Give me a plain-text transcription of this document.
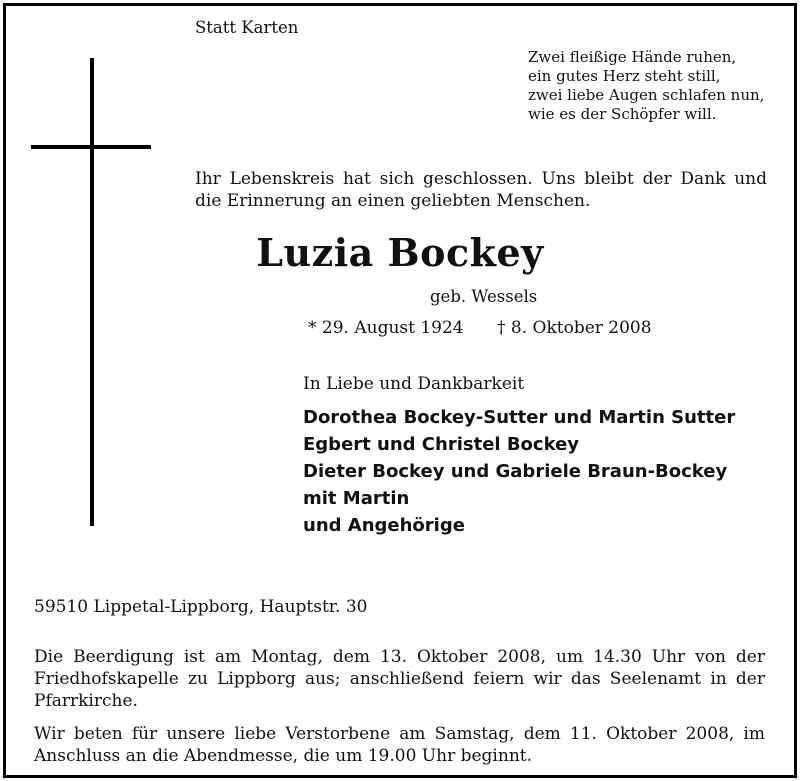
Statt Karten
Zwei fleißige Hände ruhen,
ein gutes Herz steht still,
zwei liebe Augen schlafen nun,
wie es der Schöpfer will.
Ihr Lebenskreis hat sich geschlossen. Uns bleibt der Dank und die Erinnerung an einen geliebten Menschen.
Luzia Bockey
geb. Wessels
* 29. August 1924 † 8. Oktober 2008
In Liebe und Dankbarkeit
Dorothea Bockey-Sutter und Martin Sutter
Egbert und Christel Bockey
Dieter Bockey und Gabriele Braun-Bockey
mit Martin
und Angehörige
59510 Lippetal-Lippborg, Hauptstr. 30
Die Beerdigung ist am Montag, dem 13. Oktober 2008, um 14.30 Uhr von der Friedhofskapelle zu Lippborg aus; anschließend feiern wir das Seelenamt in der Pfarrkirche.
Wir beten für unsere liebe Verstorbene am Samstag, dem 11. Oktober 2008, im Anschluss an die Abendmesse, die um 19.00 Uhr beginnt.
